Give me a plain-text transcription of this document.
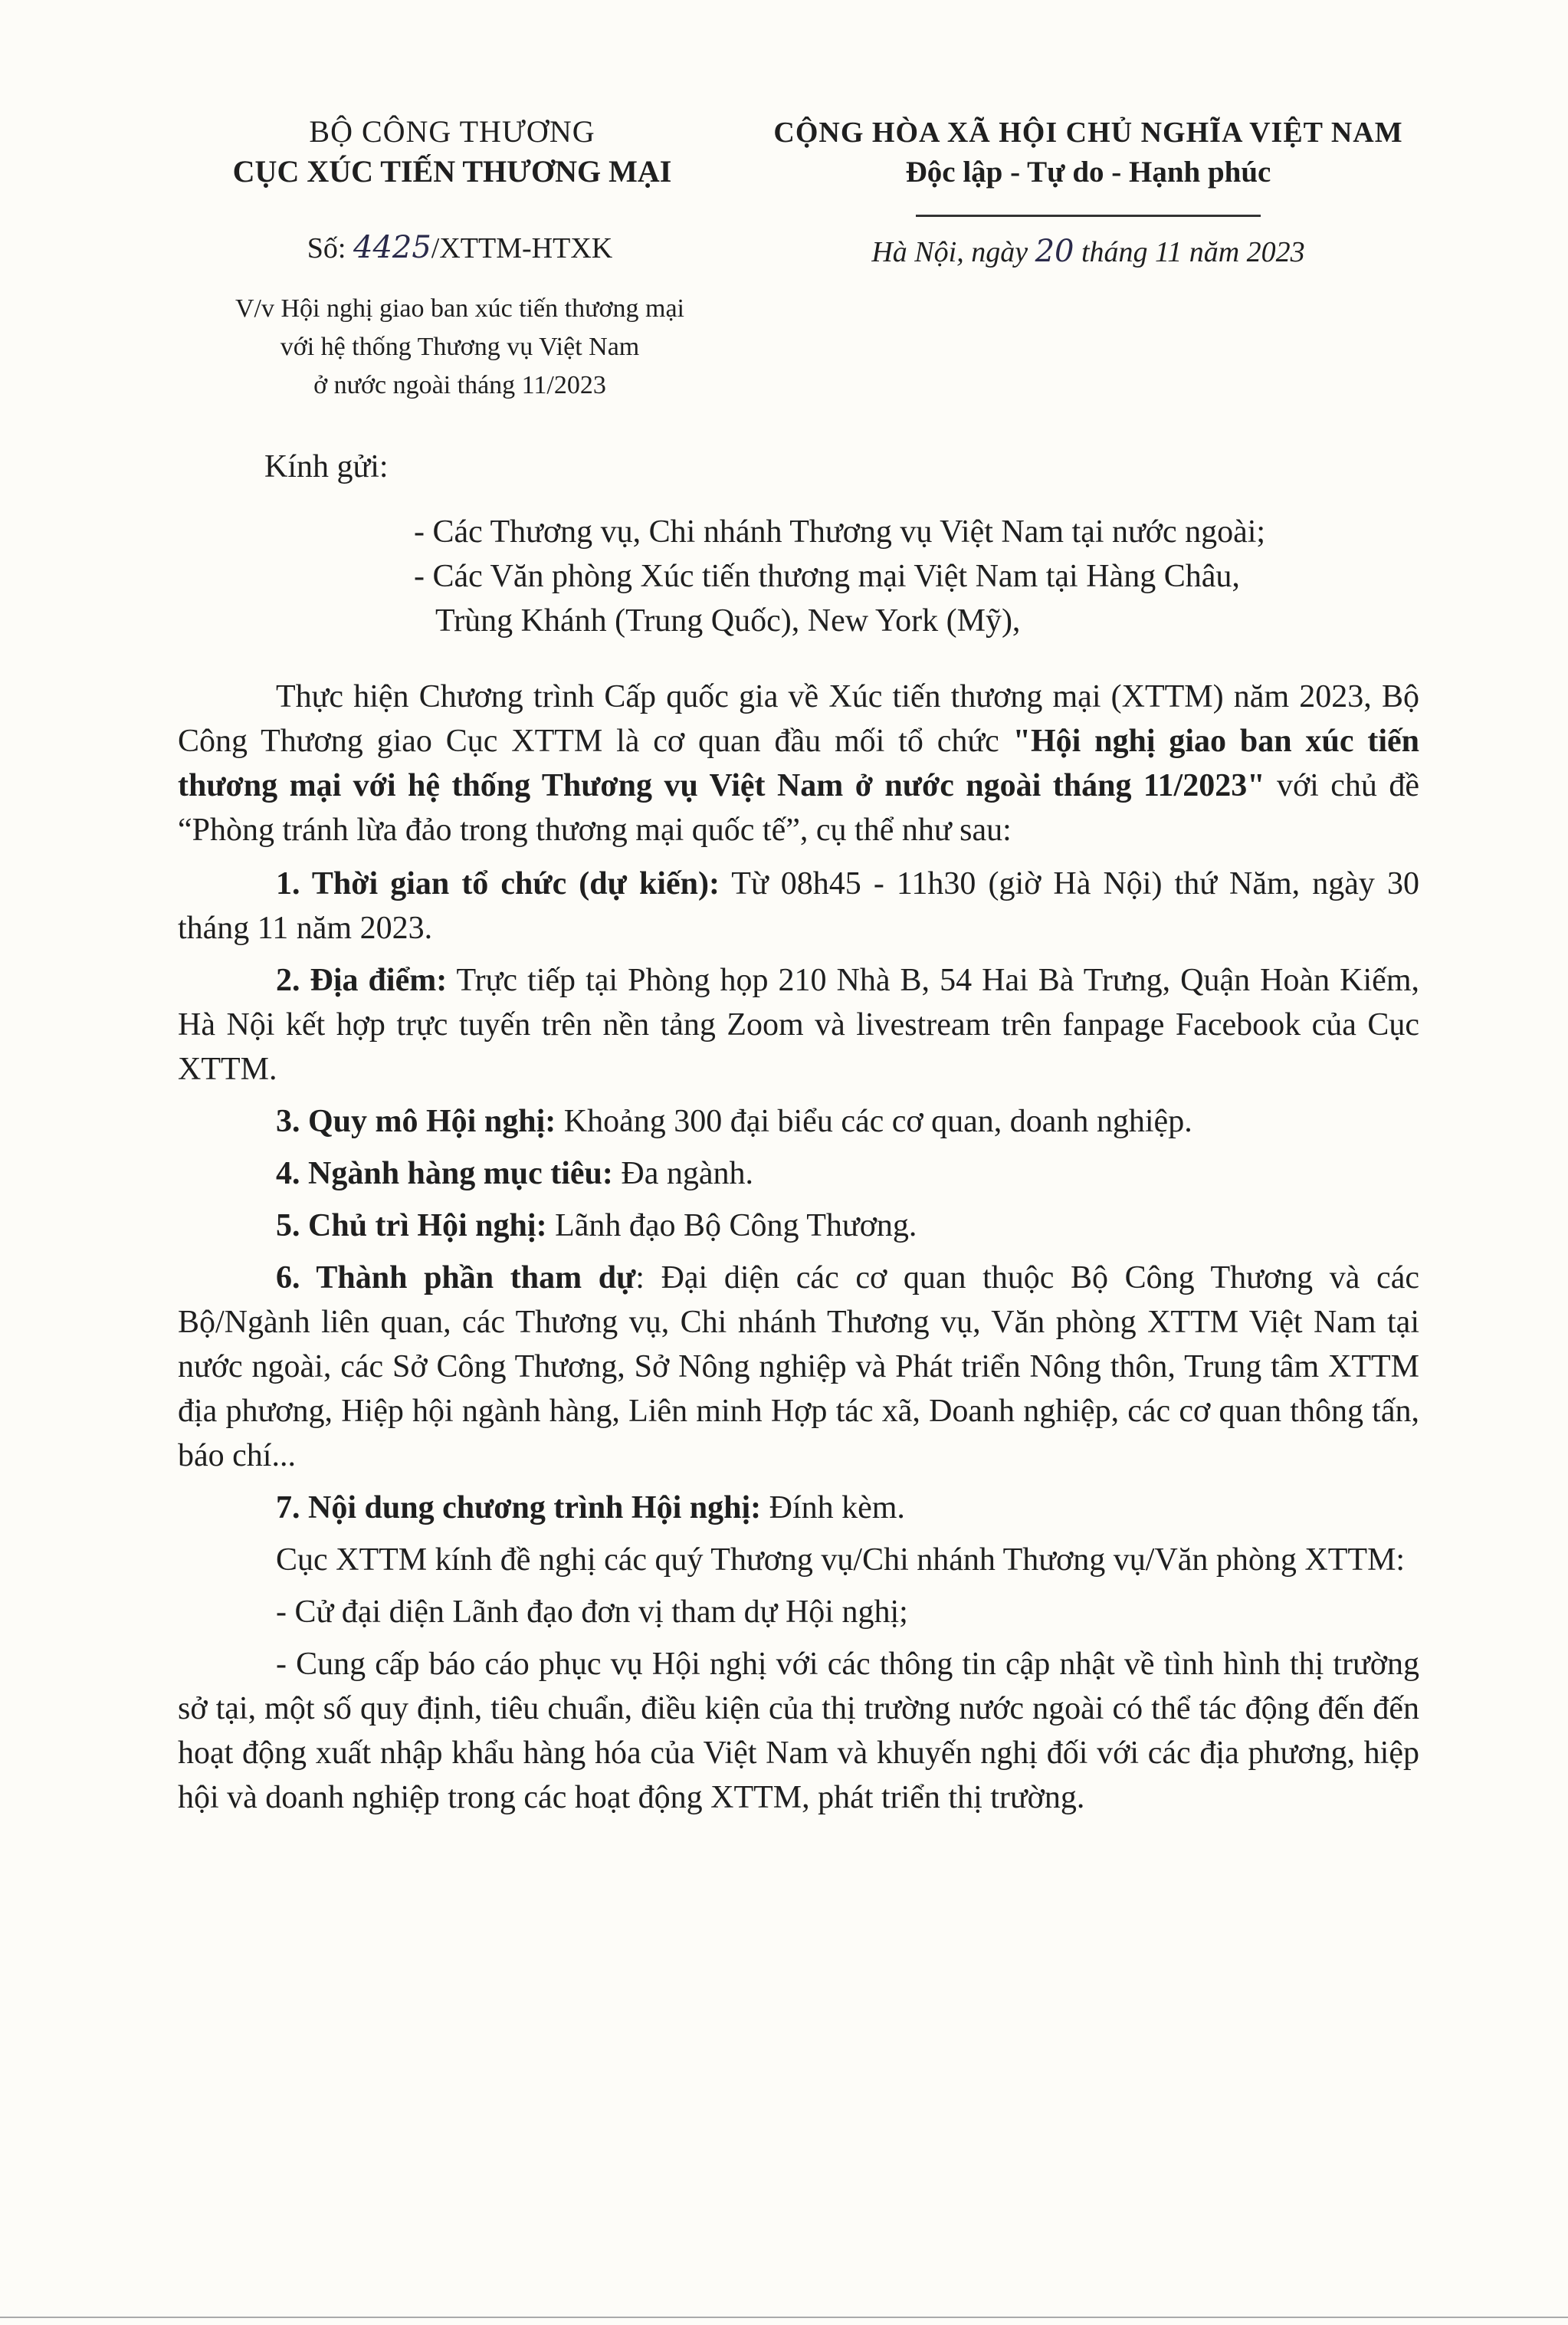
BỘ CÔNG THƯƠNG
CỤC XÚC TIẾN THƯƠNG MẠI
CỘNG HÒA XÃ HỘI CHỦ NGHĨA VIỆT NAM
Độc lập - Tự do - Hạnh phúc
Số: 4425/XTTM-HTXK	Hà Nội, ngày 20 tháng 11 năm 2023
V/v Hội nghị giao ban xúc tiến thương mại
với hệ thống Thương vụ Việt Nam
ở nước ngoài tháng 11/2023
Kính gửi:
- Các Thương vụ, Chi nhánh Thương vụ Việt Nam tại nước ngoài;
- Các Văn phòng Xúc tiến thương mại Việt Nam tại Hàng Châu,
Trùng Khánh (Trung Quốc), New York (Mỹ),

Thực hiện Chương trình Cấp quốc gia về Xúc tiến thương mại (XTTM) năm 2023, Bộ Công Thương giao Cục XTTM là cơ quan đầu mối tổ chức "Hội nghị giao ban xúc tiến thương mại với hệ thống Thương vụ Việt Nam ở nước ngoài tháng 11/2023" với chủ đề “Phòng tránh lừa đảo trong thương mại quốc tế”, cụ thể như sau:

1. Thời gian tổ chức (dự kiến): Từ 08h45 - 11h30 (giờ Hà Nội) thứ Năm, ngày 30 tháng 11 năm 2023.

2. Địa điểm: Trực tiếp tại Phòng họp 210 Nhà B, 54 Hai Bà Trưng, Quận Hoàn Kiếm, Hà Nội kết hợp trực tuyến trên nền tảng Zoom và livestream trên fanpage Facebook của Cục XTTM.

3. Quy mô Hội nghị: Khoảng 300 đại biểu các cơ quan, doanh nghiệp.

4. Ngành hàng mục tiêu: Đa ngành.

5. Chủ trì Hội nghị: Lãnh đạo Bộ Công Thương.

6. Thành phần tham dự: Đại diện các cơ quan thuộc Bộ Công Thương và các Bộ/Ngành liên quan, các Thương vụ, Chi nhánh Thương vụ, Văn phòng XTTM Việt Nam tại nước ngoài, các Sở Công Thương, Sở Nông nghiệp và Phát triển Nông thôn, Trung tâm XTTM địa phương, Hiệp hội ngành hàng, Liên minh Hợp tác xã, Doanh nghiệp, các cơ quan thông tấn, báo chí...

7. Nội dung chương trình Hội nghị: Đính kèm.

Cục XTTM kính đề nghị các quý Thương vụ/Chi nhánh Thương vụ/Văn phòng XTTM:

- Cử đại diện Lãnh đạo đơn vị tham dự Hội nghị;

- Cung cấp báo cáo phục vụ Hội nghị với các thông tin cập nhật về tình hình thị trường sở tại, một số quy định, tiêu chuẩn, điều kiện của thị trường nước ngoài có thể tác động đến đến hoạt động xuất nhập khẩu hàng hóa của Việt Nam và khuyến nghị đối với các địa phương, hiệp hội và doanh nghiệp trong các hoạt động XTTM, phát triển thị trường.
